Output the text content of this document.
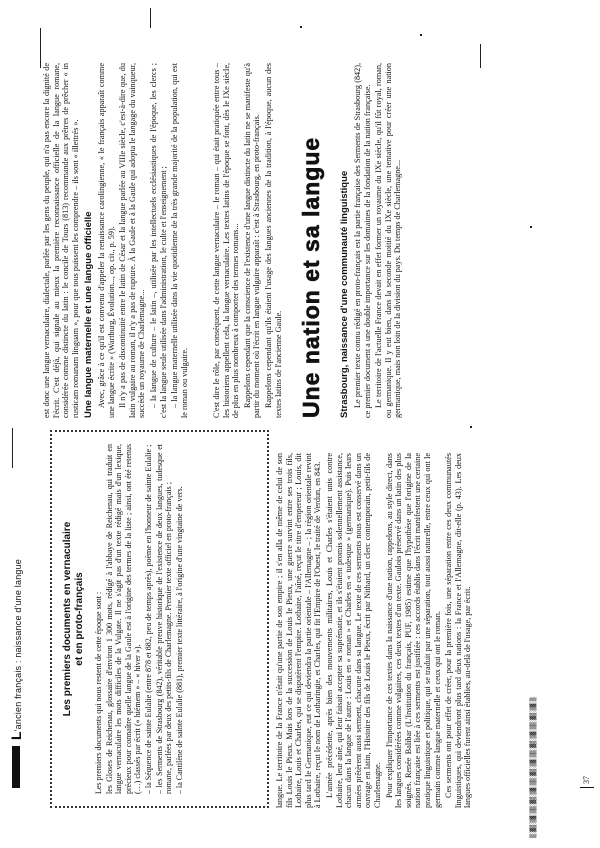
L'ancien français : naissance d'une langue
▒░▓▒░▒▓░▒▒░▓▒░▒▓░▒▒░▓▒░▒▓░▒▒░▓▒░▒▓░▒▒░▓▒░▒▓░▒
Les premiers documents en vernaculaire et en proto-français Les premiers documents qui nous restent de cette époque sont : les Gloses de Reichenau, glossaire d'environ 1 300 mots, rédigé à l'abbaye de Reichenau, qui traduit en langue vernaculaire les mots difficiles de la Vulgate. Il ne s'agit pas d'un texte rédigé mais d'un lexique, précieux pour connaître quelle langue de la Gaule est à l'origine des termes de la liste ; ainsi, ont été retenus (…) classés par écrit (« hiémem » – « hiver »). – la Séquence de sainte Eulalie (entre 878 et 882, peu de temps après), poème en l'honneur de sainte Eulalie ; – les Serments de Strasbourg (842), véritable preuve historique de l'existence de deux langues, tudesque et romane, parlées par deux des petits-fils de Charlemagne. Premier texte officiel en proto-français ; – la Cantilène de sainte Eulalie (881), premier texte littéraire, à l'origine d'une vingtaine de vers.	langue. Le territoire de la France n'était qu'une partie de son empire ; il s'en alla de même de celui de son fils Louis le Pieux. Mais lors de la succession de Louis le Pieux, une guerre survint entre ses trois fils, Lothaire, Louis et Charles, qui se disputèrent l'empire. Lothaire, l'aîné, reçut le titre d'empereur ; Louis, dit plus tard le Germanique, eut ce qui deviendra la partie orientale – l'Allemagne – ; la région orientale revint à Lothaire, reçut le nom de Lotharingie, et Charles, qui fit l'Empire de l'Ouest, le traité de Verdun, en 843. L'année précédente, après bien des mouvements militaires, Louis et Charles s'étaient unis contre Lothaire, leur aîné, qui leur faisait accepter sa suprématie, et ils s'étaient promis solennellement assistance, chacun dans la langue de l'autre : Louis en « roman » et Charles en « tudesque » (germanique). Puis leurs armées prêtèrent aussi serment, chacune dans sa langue. Le texte de ces serments nous est conservé dans un ouvrage en latin, l'Histoire des fils de Louis le Pieux, écrit par Nithard, un clerc contemporain, petit-fils de Charlemagne. Pour expliquer l'importance de ces textes dans la naissance d'une nation, rappelons, au style direct, dans les langues considérées comme vulgaires, ces deux textes d'un texte. Gaulois préservé dans un latin des plus soignés. Renée Balibar (L'Institution du français, PUF, 1985) estime que l'hypothèse que l'origine de la nation française est liée à ces serments est justifiée : ces accords établis dans l'écrit manifestent une certaine pratique linguistique et politique, qui se traduit par une séparation, tout aussi naturelle, entre ceux qui ont le germain comme langue maternelle et ceux qui ont le roman. Ces serments ont pour effet de créer, pour la première fois, une séparation entre ces deux communautés linguistiques, qui deviendront plus tard deux nations : la France et l'Allemagne, dit-elle (p. 43). Les deux langues officielles furent ainsi établies, au-delà de l'usage, par écrit.

est donc une langue vernaculaire, dialectale, parlée par les gens du peuple, qui n'a pas encore la dignité de l'écrit. C'est déjà, qui signale au mieux la première reconnaissance officielle de la langue romane, considérée comme distincte du latin : le concile de Tours (813) recommande aux prêtres de prêcher « in rusticam romanam linguam », pour que tous puissent les comprendre – ils sont « illettrés ». Une langue maternelle et une langue officielle Avec, grâce à ce qu'il est convenu d'appeler la renaissance carolingienne, « le français apparaît comme une langue écrite » (Wartburg, Évolution..., op. cit., p. 59). Il n'y a pas de discontinuité entre le latin de César et la langue parlée au VIIIe siècle, c'est-à-dire que, du latin vulgaire au roman, il n'y a pas de rupture. À la Gaule et à la Gaule qui adopta le langage du vainqueur, succède un royaume de Charlemagne... – la langue de culture – le latin –, utilisée par les intellectuels ecclésiastiques de l'époque, les clercs ; c'est la langue seule utilisée dans l'administration, le culte et l'enseignement ; – la langue maternelle utilisée dans la vie quotidienne de la très grande majorité de la population, qui est le roman ou vulgaire.	C'est dire le rôle, par conséquent, de cette langue vernaculaire – le roman – qui était pratiquée entre tous – les historiens appellent cela, la langue vernaculaire. Les textes latins de l'époque se font, dès le IXe siècle, de plus en plus nombreux à comporter des termes romans... Rappelons cependant que la conscience de l'existence d'une langue distincte du latin ne se manifeste qu'à partir du moment où l'écrit en langue vulgaire apparaît : c'est à Strasbourg, en proto-français. Rappelons cependant qu'ils étaient l'usage des langues anciennes de la tradition, à l'époque, aucun des textes latins de l'ancienne Gaule. Une nation et sa langue Strasbourg, naissance d'une communauté linguistique Le premier texte connu rédigé en proto-français est la partie française des Serments de Strasbourg (842), ce premier document a une double importance sur les domaines de la fondation de la nation française. Le territoire de l'actuelle France devait en effet former un royaume du IXe siècle, qu'il fût royal, roman, ou germanique. Il y eut bien, dans la seconde moitié du IXe siècle, une tentative pour créer une nation germanique, mais non loin de la division du pays. Du temps de Charlemagne...

37
